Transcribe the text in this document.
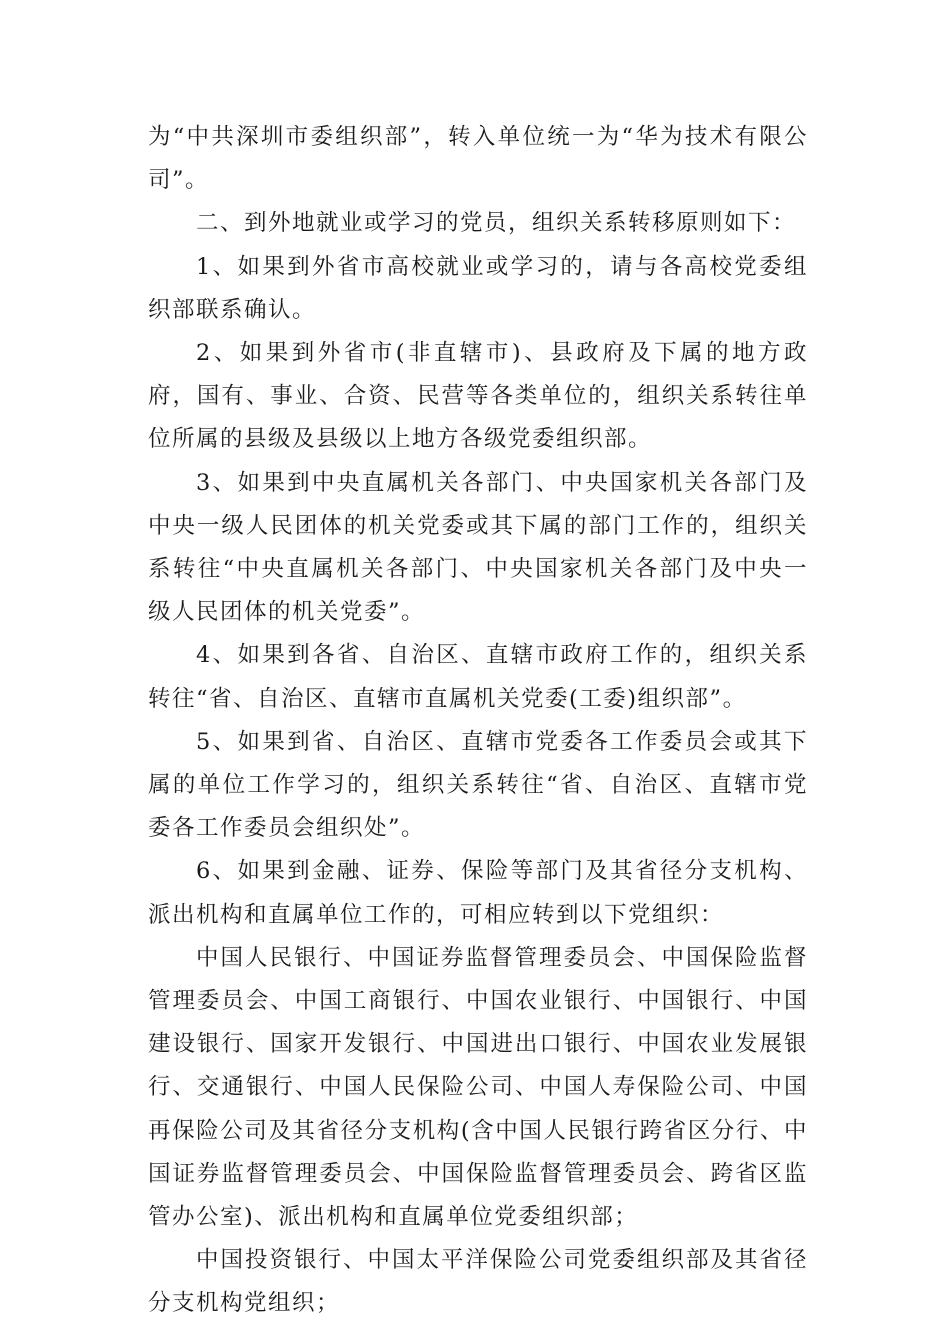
为“中共深圳市委组织部”，转入单位统一为“华为技术有限公司”。

二、到外地就业或学习的党员，组织关系转移原则如下：

1、如果到外省市高校就业或学习的，请与各高校党委组织部联系确认。

2、如果到外省市(非直辖市)、县政府及下属的地方政府，国有、事业、合资、民营等各类单位的，组织关系转往单位所属的县级及县级以上地方各级党委组织部。

3、如果到中央直属机关各部门、中央国家机关各部门及中央一级人民团体的机关党委或其下属的部门工作的，组织关系转往“中央直属机关各部门、中央国家机关各部门及中央一级人民团体的机关党委”。

4、如果到各省、自治区、直辖市政府工作的，组织关系转往“省、自治区、直辖市直属机关党委(工委)组织部”。

5、如果到省、自治区、直辖市党委各工作委员会或其下属的单位工作学习的，组织关系转往“省、自治区、直辖市党委各工作委员会组织处”。

6、如果到金融、证券、保险等部门及其省径分支机构、派出机构和直属单位工作的，可相应转到以下党组织：

中国人民银行、中国证券监督管理委员会、中国保险监督管理委员会、中国工商银行、中国农业银行、中国银行、中国建设银行、国家开发银行、中国进出口银行、中国农业发展银行、交通银行、中国人民保险公司、中国人寿保险公司、中国再保险公司及其省径分支机构(含中国人民银行跨省区分行、中国证券监督管理委员会、中国保险监督管理委员会、跨省区监管办公室)、派出机构和直属单位党委组织部；

中国投资银行、中国太平洋保险公司党委组织部及其省径分支机构党组织；
